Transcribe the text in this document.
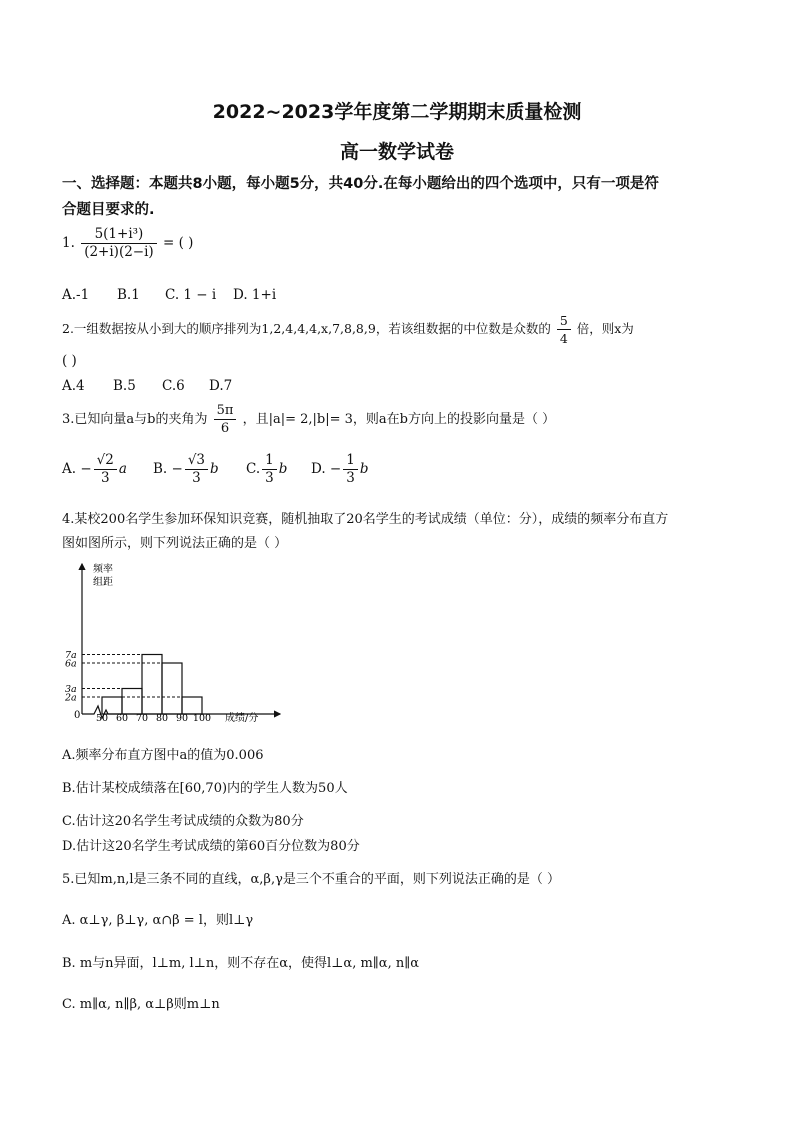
2022~2023学年度第二学期期末质量检测
高一数学试卷
一、选择题：本题共8小题，每小题5分，共40分.在每小题给出的四个选项中，只有一项是符
合题目要求的.
1. $\frac{\text{5(1+i³)}}{(2+i)(2-i)}$ = ( )
A.-1 B.1 C. 1 − i D. 1+i
2.一组数据按从小到大的顺序排列为1,2,4,4,4,x,7,8,8,9，若该组数据的中位数是众数的 $\frac{5}{4}$ 倍，则x为
( )
A.4 B.5 C.6 D.7
3.已知向量a与b的夹角为 $\frac{5\pi}{6}$ ，且|a|= 2,|b|= 3，则a在b方向上的投影向量是（ ）
A. − $\frac{√2}{3}$ a B. − $\frac{√3}{3}$ b C. $\frac{1}{3}$ b D. − $\frac{1}{3}$ b
4.某校200名学生参加环保知识竞赛，随机抽取了20名学生的考试成绩（单位：分），成绩的频率分布直方
图如图所示，则下列说法正确的是（ ）
频率
组距
成绩/分
0
7a
6a
3a
2a
50 60 70 80 90 100
A.频率分布直方图中a的值为0.006
B.估计某校成绩落在[60,70)内的学生人数为50人
C.估计这20名学生考试成绩的众数为80分
D.估计这20名学生考试成绩的第60百分位数为80分
5.已知m,n,l是三条不同的直线，α,β,γ是三个不重合的平面，则下列说法正确的是（ ）
A. α⊥γ, β⊥γ, α∩β = l，则l⊥γ
B. m与n异面，l⊥m, l⊥n，则不存在α，使得l⊥α, m∥α, n∥α
C. m∥α, n∥β, α⊥β则m⊥n
